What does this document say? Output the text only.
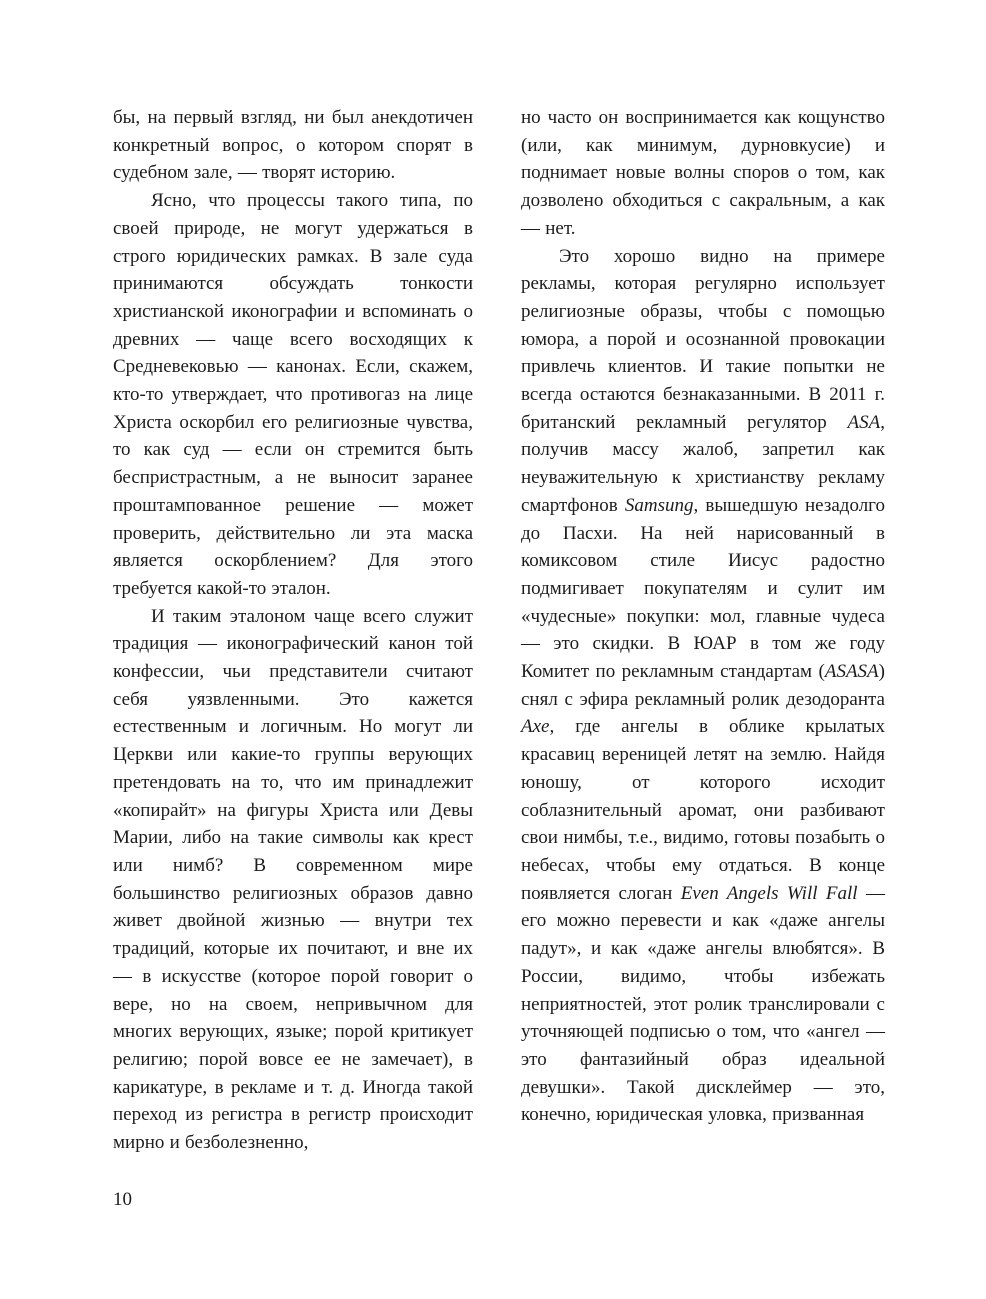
бы, на первый взгляд, ни был анекдотичен конкретный вопрос, о котором спорят в судебном зале, — творят историю.

Ясно, что процессы такого типа, по своей природе, не могут удержаться в строго юридических рамках. В зале суда принимаются обсуждать тонкости христианской иконографии и вспоминать о древних — чаще всего восходящих к Средневековью — канонах. Если, скажем, кто-то утверждает, что противогаз на лице Христа оскорбил его религиозные чувства, то как суд — если он стремится быть беспристрастным, а не выносит заранее проштампованное решение — может проверить, действительно ли эта маска является оскорблением? Для этого требуется какой-то эталон.

И таким эталоном чаще всего служит традиция — иконографический канон той конфессии, чьи представители считают себя уязвленными. Это кажется естественным и логичным. Но могут ли Церкви или какие-то группы верующих претендовать на то, что им принадлежит «копирайт» на фигуры Христа или Девы Марии, либо на такие символы как крест или нимб? В современном мире большинство религиозных образов давно живет двойной жизнью — внутри тех традиций, которые их почитают, и вне их — в искусстве (которое порой говорит о вере, но на своем, непривычном для многих верующих, языке; порой критикует религию; порой вовсе ее не замечает), в карикатуре, в рекламе и т. д. Иногда такой переход из регистра в регистр происходит мирно и безболезненно,

но часто он воспринимается как кощунство (или, как минимум, дурновкусие) и поднимает новые волны споров о том, как дозволено обходиться с сакральным, а как — нет.

Это хорошо видно на примере рекламы, которая регулярно использует религиозные образы, чтобы с помощью юмора, а порой и осознанной провокации привлечь клиентов. И такие попытки не всегда остаются безнаказанными. В 2011 г. британский рекламный регулятор ASA, получив массу жалоб, запретил как неуважительную к христианству рекламу смартфонов Samsung, вышедшую незадолго до Пасхи. На ней нарисованный в комиксовом стиле Иисус радостно подмигивает покупателям и сулит им «чудесные» покупки: мол, главные чудеса — это скидки. В ЮАР в том же году Комитет по рекламным стандартам (ASASA) снял с эфира рекламный ролик дезодоранта Axe, где ангелы в облике крылатых красавиц вереницей летят на землю. Найдя юношу, от которого исходит соблазнительный аромат, они разбивают свои нимбы, т.е., видимо, готовы позабыть о небесах, чтобы ему отдаться. В конце появляется слоган Even Angels Will Fall — его можно перевести и как «даже ангелы падут», и как «даже ангелы влюбятся». В России, видимо, чтобы избежать неприятностей, этот ролик транслировали с уточняющей подписью о том, что «ангел — это фантазийный образ идеальной девушки». Такой дисклеймер — это, конечно, юридическая уловка, призванная

10
